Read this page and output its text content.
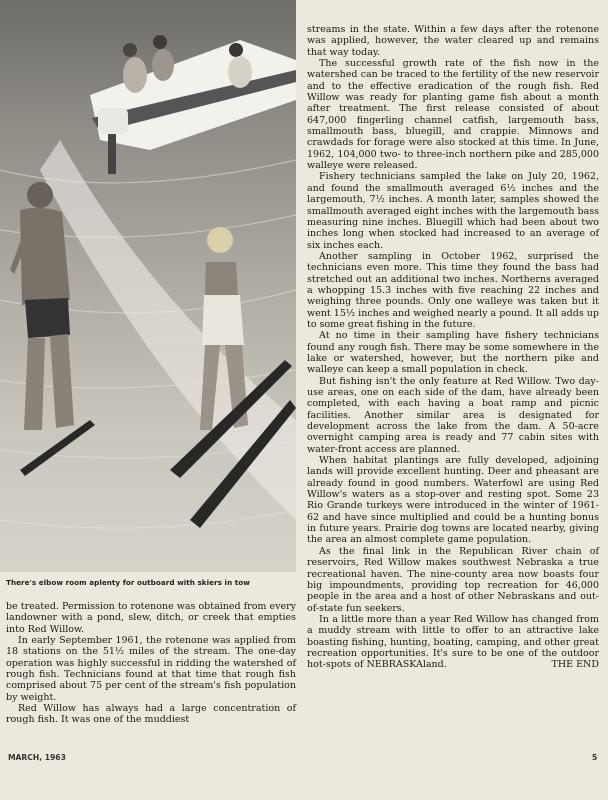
There's elbow room aplenty for outboard with skiers in tow

be treated. Permission to rotenone was obtained from every landowner with a pond, slew, ditch, or creek that empties into Red Willow.

In early September 1961, the rotenone was applied from 18 stations on the 51½ miles of the stream. The one-day operation was highly successful in ridding the watershed of rough fish. Technicians found at that time that rough fish comprised about 75 per cent of the stream's fish population by weight.

Red Willow has always had a large concentration of rough fish. It was one of the muddiest

streams in the state. Within a few days after the rotenone was applied, however, the water cleared up and remains that way today.

The successful growth rate of the fish now in the watershed can be traced to the fertility of the new reservoir and to the effective eradication of the rough fish. Red Willow was ready for planting game fish about a month after treatment. The first release consisted of about 647,000 fingerling channel catfish, largemouth bass, smallmouth bass, bluegill, and crappie. Minnows and crawdads for forage were also stocked at this time. In June, 1962, 104,000 two- to three-inch northern pike and 285,000 walleye were released.

Fishery technicians sampled the lake on July 20, 1962, and found the smallmouth averaged 6½ inches and the largemouth, 7½ inches. A month later, samples showed the smallmouth averaged eight inches with the largemouth bass measuring nine inches. Bluegill which had been about two inches long when stocked had increased to an average of six inches each.

Another sampling in October 1962, surprised the technicians even more. This time they found the bass had stretched out an additional two inches. Northerns averaged a whopping 15.3 inches with five reaching 22 inches and weighing three pounds. Only one walleye was taken but it went 15½ inches and weighed nearly a pound. It all adds up to some great fishing in the future.

At no time in their sampling have fishery technicians found any rough fish. There may be some somewhere in the lake or watershed, however, but the northern pike and walleye can keep a small population in check.

But fishing isn't the only feature at Red Willow. Two day-use areas, one on each side of the dam, have already been completed, with each having a boat ramp and picnic facilities. Another similar area is designated for development across the lake from the dam. A 50-acre overnight camping area is ready and 77 cabin sites with water-front access are planned.

When habitat plantings are fully developed, adjoining lands will provide excellent hunting. Deer and pheasant are already found in good numbers. Waterfowl are using Red Willow's waters as a stop-over and resting spot. Some 23 Rio Grande turkeys were introduced in the winter of 1961-62 and have since multiplied and could be a hunting bonus in future years. Prairie dog towns are located nearby, giving the area an almost complete game population.

As the final link in the Republican River chain of reservoirs, Red Willow makes southwest Nebraska a true recreational haven. The nine-county area now boasts four big impoundments, providing top recreation for 46,000 people in the area and a host of other Nebraskans and out-of-state fun seekers.

In a little more than a year Red Willow has changed from a muddy stream with little to offer to an attractive lake boasting fishing, hunting, boating, camping, and other great recreation opportunities. It's sure to be one of the outdoor hot-spots of NEBRASKAland.	THE END

MARCH, 1963	5
